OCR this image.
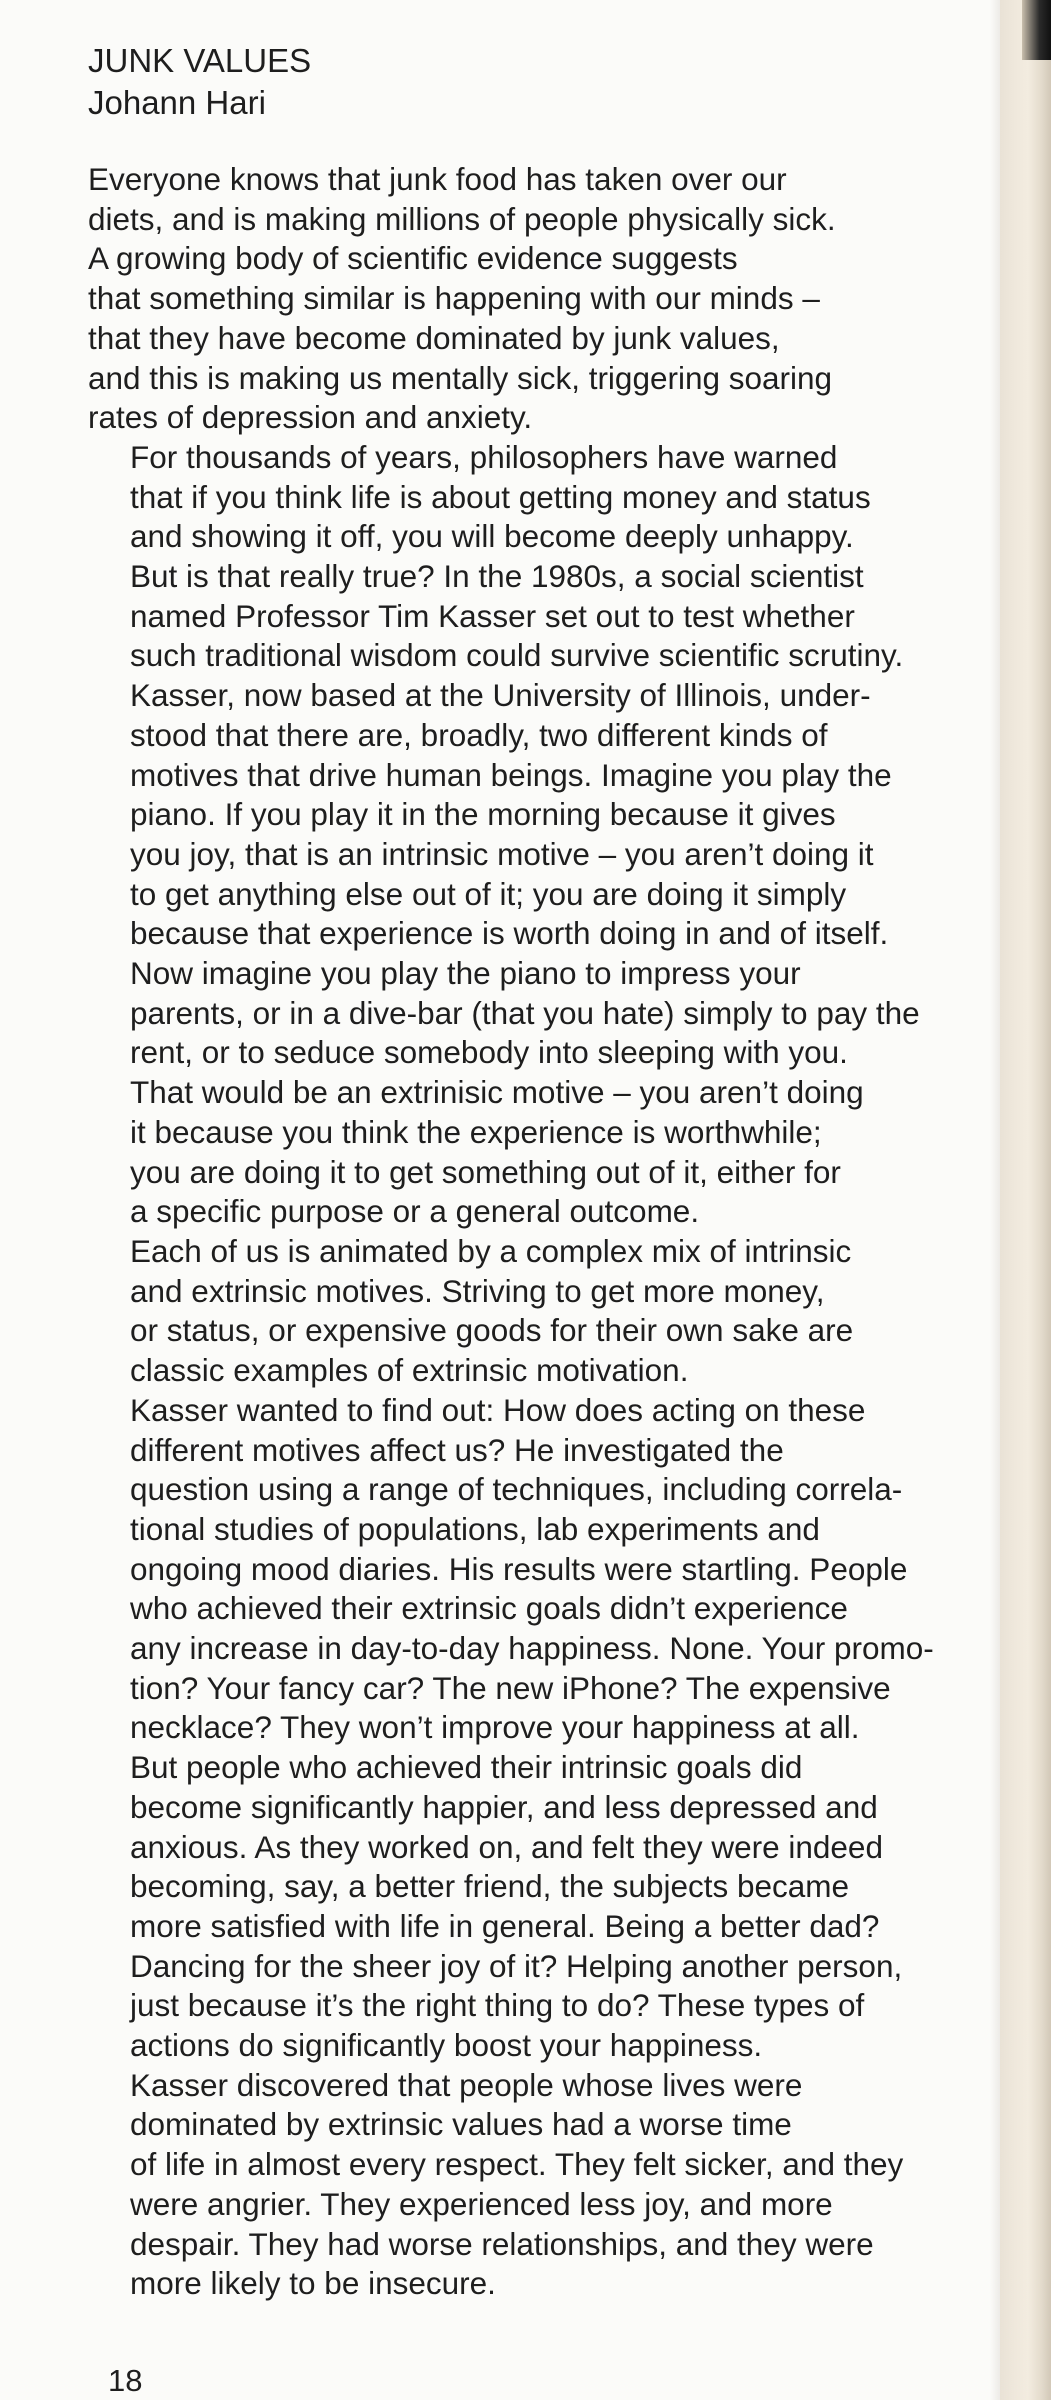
JUNK VALUES
Johann Hari

Everyone knows that junk food has taken over our
diets, and is making millions of people physically sick.
A growing body of scientific evidence suggests
that something similar is happening with our minds –
that they have become dominated by junk values,
and this is making us mentally sick, triggering soaring
rates of depression and anxiety.

For thousands of years, philosophers have warned
that if you think life is about getting money and status
and showing it off, you will become deeply unhappy.
But is that really true? In the 1980s, a social scientist
named Professor Tim Kasser set out to test whether
such traditional wisdom could survive scientific scrutiny.

Kasser, now based at the University of Illinois, under-
stood that there are, broadly, two different kinds of
motives that drive human beings. Imagine you play the
piano. If you play it in the morning because it gives
you joy, that is an intrinsic motive – you aren’t doing it
to get anything else out of it; you are doing it simply
because that experience is worth doing in and of itself.

Now imagine you play the piano to impress your
parents, or in a dive-bar (that you hate) simply to pay the
rent, or to seduce somebody into sleeping with you.
That would be an extrinisic motive – you aren’t doing
it because you think the experience is worthwhile;
you are doing it to get something out of it, either for
a specific purpose or a general outcome.

Each of us is animated by a complex mix of intrinsic
and extrinsic motives. Striving to get more money,
or status, or expensive goods for their own sake are
classic examples of extrinsic motivation.

Kasser wanted to find out: How does acting on these
different motives affect us? He investigated the
question using a range of techniques, including correla-
tional studies of populations, lab experiments and
ongoing mood diaries. His results were startling. People
who achieved their extrinsic goals didn’t experience
any increase in day-to-day happiness. None. Your promo-
tion? Your fancy car? The new iPhone? The expensive
necklace? They won’t improve your happiness at all.

But people who achieved their intrinsic goals did
become significantly happier, and less depressed and
anxious. As they worked on, and felt they were indeed
becoming, say, a better friend, the subjects became
more satisfied with life in general. Being a better dad?
Dancing for the sheer joy of it? Helping another person,
just because it’s the right thing to do? These types of
actions do significantly boost your happiness.

Kasser discovered that people whose lives were
dominated by extrinsic values had a worse time
of life in almost every respect. They felt sicker, and they
were angrier. They experienced less joy, and more
despair. They had worse relationships, and they were
more likely to be insecure.

18
